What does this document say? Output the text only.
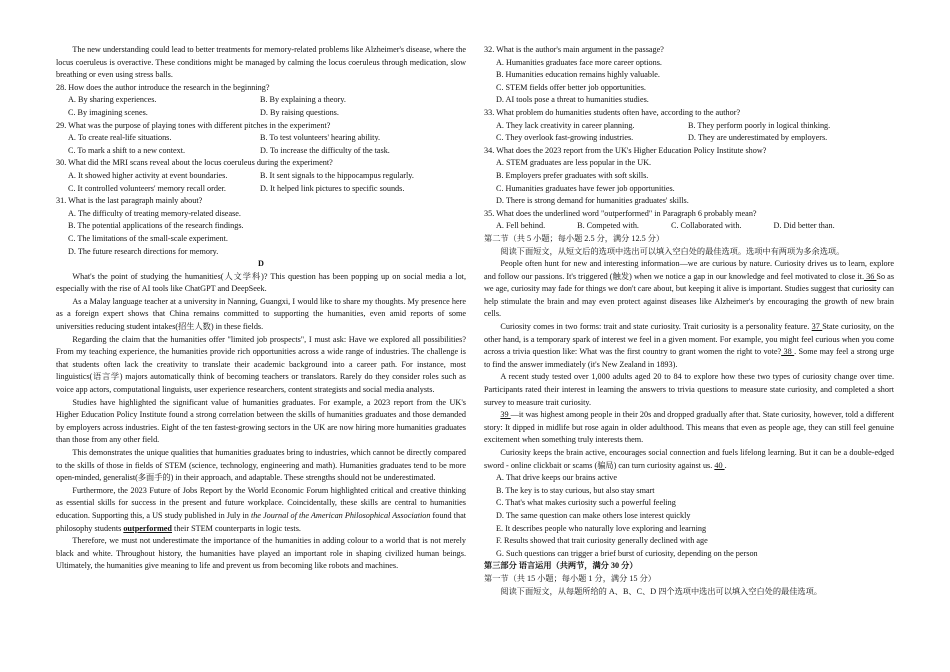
The new understanding could lead to better treatments for memory-related problems like Alzheimer's disease, where the locus coeruleus is overactive. These conditions might be managed by calming the locus coeruleus through medication, slow breathing or even using stress balls.

28. How does the author introduce the research in the beginning?

A. By sharing experiences.	B. By explaining a theory.
C. By imagining scenes.	D. By raising questions.

29. What was the purpose of playing tones with different pitches in the experiment?

A. To create real-life situations.	B. To test volunteers' hearing ability.
C. To mark a shift to a new context.	D. To increase the difficulty of the task.

30. What did the MRI scans reveal about the locus coeruleus during the experiment?

A. It showed higher activity at event boundaries.	B. It sent signals to the hippocampus regularly.
C. It controlled volunteers' memory recall order.	D. It helped link pictures to specific sounds.

31. What is the last paragraph mainly about?

A. The difficulty of treating memory-related disease.
B. The potential applications of the research findings.
C. The limitations of the small-scale experiment.
D. The future research directions for memory.

D

What's the point of studying the humanities(人文学科)? This question has been popping up on social media a lot, especially with the rise of AI tools like ChatGPT and DeepSeek.

As a Malay language teacher at a university in Nanning, Guangxi, I would like to share my thoughts. My presence here as a foreign expert shows that China remains committed to supporting the humanities, even amid reports of some universities reducing student intakes(招生人数) in these fields.

Regarding the claim that the humanities offer "limited job prospects", I must ask: Have we explored all possibilities? From my teaching experience, the humanities provide rich opportunities across a wide range of industries. The challenge is that students often lack the creativity to translate their academic background into a career path. For instance, most linguistics(语言学) majors automatically think of becoming teachers or translators. Rarely do they consider roles such as voice app actors, computational linguists, user experience researchers, content strategists and social media analysts.

Studies have highlighted the significant value of humanities graduates. For example, a 2023 report from the UK's Higher Education Policy Institute found a strong correlation between the skills of humanities graduates and those demanded by employers across industries. Eight of the ten fastest-growing sectors in the UK are now hiring more humanities graduates than those from any other field.

This demonstrates the unique qualities that humanities graduates bring to industries, which cannot be directly compared to the skills of those in fields of STEM (science, technology, engineering and math). Humanities graduates tend to be more open-minded, generalist(多面手的) in their approach, and adaptable. These strengths should not be underestimated.

Furthermore, the 2023 Future of Jobs Report by the World Economic Forum highlighted critical and creative thinking as essential skills for success in the present and future workplace. Coincidentally, these skills are central to humanities education. Supporting this, a US study published in July in the Journal of the American Philosophical Association found that philosophy students outperformed their STEM counterparts in logic tests.

Therefore, we must not underestimate the importance of the humanities in adding colour to a world that is not merely black and white. Throughout history, the humanities have played an important role in shaping civilized human beings. Ultimately, the humanities give meaning to life and prevent us from becoming like robots and machines.

32. What is the author's main argument in the passage?

A. Humanities graduates face more career options.
B. Humanities education remains highly valuable.
C. STEM fields offer better job opportunities.
D. AI tools pose a threat to humanities studies.

33. What problem do humanities students often have, according to the author?

A. They lack creativity in career planning.	B. They perform poorly in logical thinking.
C. They overlook fast-growing industries.	D. They are underestimated by employers.

34. What does the 2023 report from the UK's Higher Education Policy Institute show?

A. STEM graduates are less popular in the UK.
B. Employers prefer graduates with soft skills.
C. Humanities graduates have fewer job opportunities.
D. There is strong demand for humanities graduates' skills.

35. What does the underlined word "outperformed" in Paragraph 6 probably mean?

A. Fell behind.	B. Competed with.	C. Collaborated with.	D. Did better than.

第二节（共 5 小题；每小题 2.5 分，满分 12.5 分）

阅读下面短文，从短文后的选项中选出可以填入空白处的最佳选项。选项中有两项为多余选项。

People often hunt for new and interesting information—we are curious by nature. Curiosity drives us to learn, explore and follow our passions. It's triggered (触发) when we notice a gap in our knowledge and feel motivated to close it. 36 So as we age, curiosity may fade for things we don't care about, but keeping it alive is important. Studies suggest that curiosity can help stimulate the brain and may even protect against diseases like Alzheimer's by encouraging the growth of new brain cells.

Curiosity comes in two forms: trait and state curiosity. Trait curiosity is a personality feature. 37 State curiosity, on the other hand, is a temporary spark of interest we feel in a given moment. For example, you might feel curious when you come across a trivia question like: What was the first country to grant women the right to vote? 38 . Some may feel a strong urge to find the answer immediately (it's New Zealand in 1893).

A recent study tested over 1,000 adults aged 20 to 84 to explore how these two types of curiosity change over time. Participants rated their interest in learning the answers to trivia questions to measure state curiosity, and completed a short survey to measure trait curiosity.

39 —it was highest among people in their 20s and dropped gradually after that. State curiosity, however, told a different story: It dipped in midlife but rose again in older adulthood. This means that even as people age, they can still feel genuine excitement when something truly interests them.

Curiosity keeps the brain active, encourages social connection and fuels lifelong learning. But it can be a double-edged sword - online clickbait or scams (骗局) can turn curiosity against us. 40 .

A. That drive keeps our brains active
B. The key is to stay curious, but also stay smart
C. That's what makes curiosity such a powerful feeling
D. The same question can make others lose interest quickly
E. It describes people who naturally love exploring and learning
F. Results showed that trait curiosity generally declined with age
G. Such questions can trigger a brief burst of curiosity, depending on the person

第三部分 语言运用（共两节，满分 30 分）

第一节（共 15 小题；每小题 1 分，满分 15 分）

阅读下面短文，从每题所给的 A、B、C、D 四个选项中选出可以填入空白处的最佳选项。
